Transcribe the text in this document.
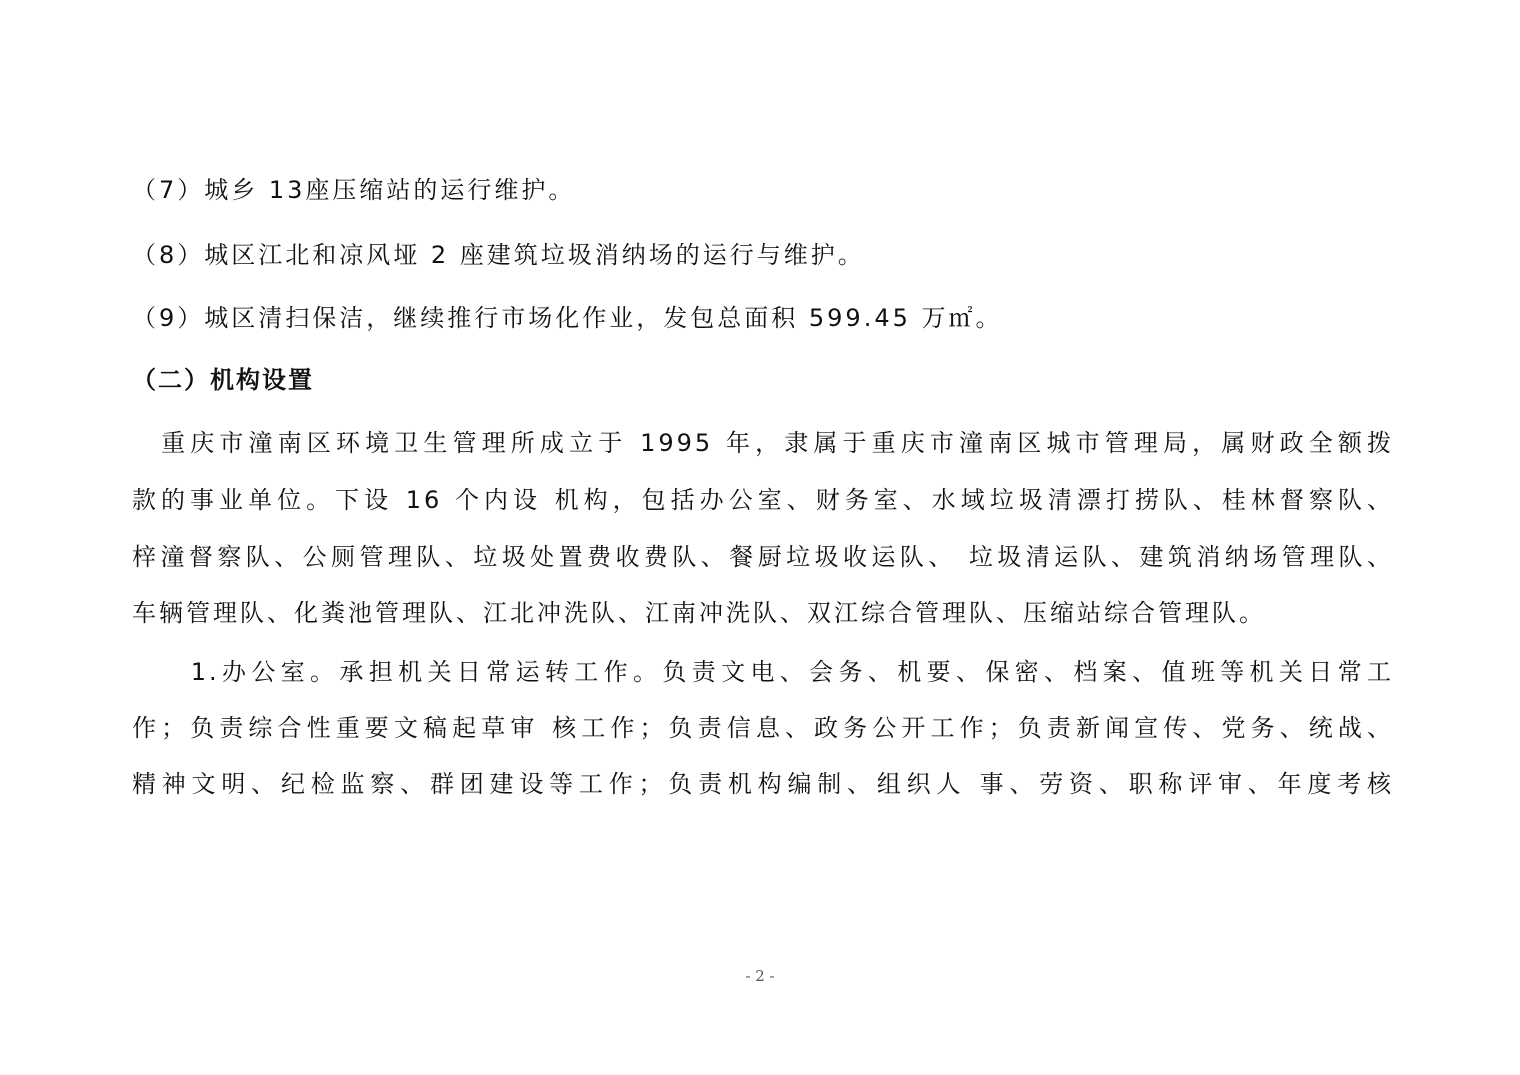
（7）城乡 13座压缩站的运行维护。
（8）城区江北和凉风垭 2 座建筑垃圾消纳场的运行与维护。
（9）城区清扫保洁，继续推行市场化作业，发包总面积 599.45 万㎡。
（二）机构设置
　重庆市潼南区环境卫生管理所成立于 1995 年，隶属于重庆市潼南区城市管理局，属财政全额拨
款的事业单位。下设 16 个内设 机构，包括办公室、财务室、水域垃圾清漂打捞队、桂林督察队、
梓潼督察队、公厕管理队、垃圾处置费收费队、餐厨垃圾收运队、 垃圾清运队、建筑消纳场管理队、
车辆管理队、化粪池管理队、江北冲洗队、江南冲洗队、双江综合管理队、压缩站综合管理队。
　　1.办公室。承担机关日常运转工作。负责文电、会务、机要、保密、档案、值班等机关日常工
作；负责综合性重要文稿起草审 核工作；负责信息、政务公开工作；负责新闻宣传、党务、统战、
精神文明、纪检监察、群团建设等工作；负责机构编制、组织人 事、劳资、职称评审、年度考核
- 2 -
